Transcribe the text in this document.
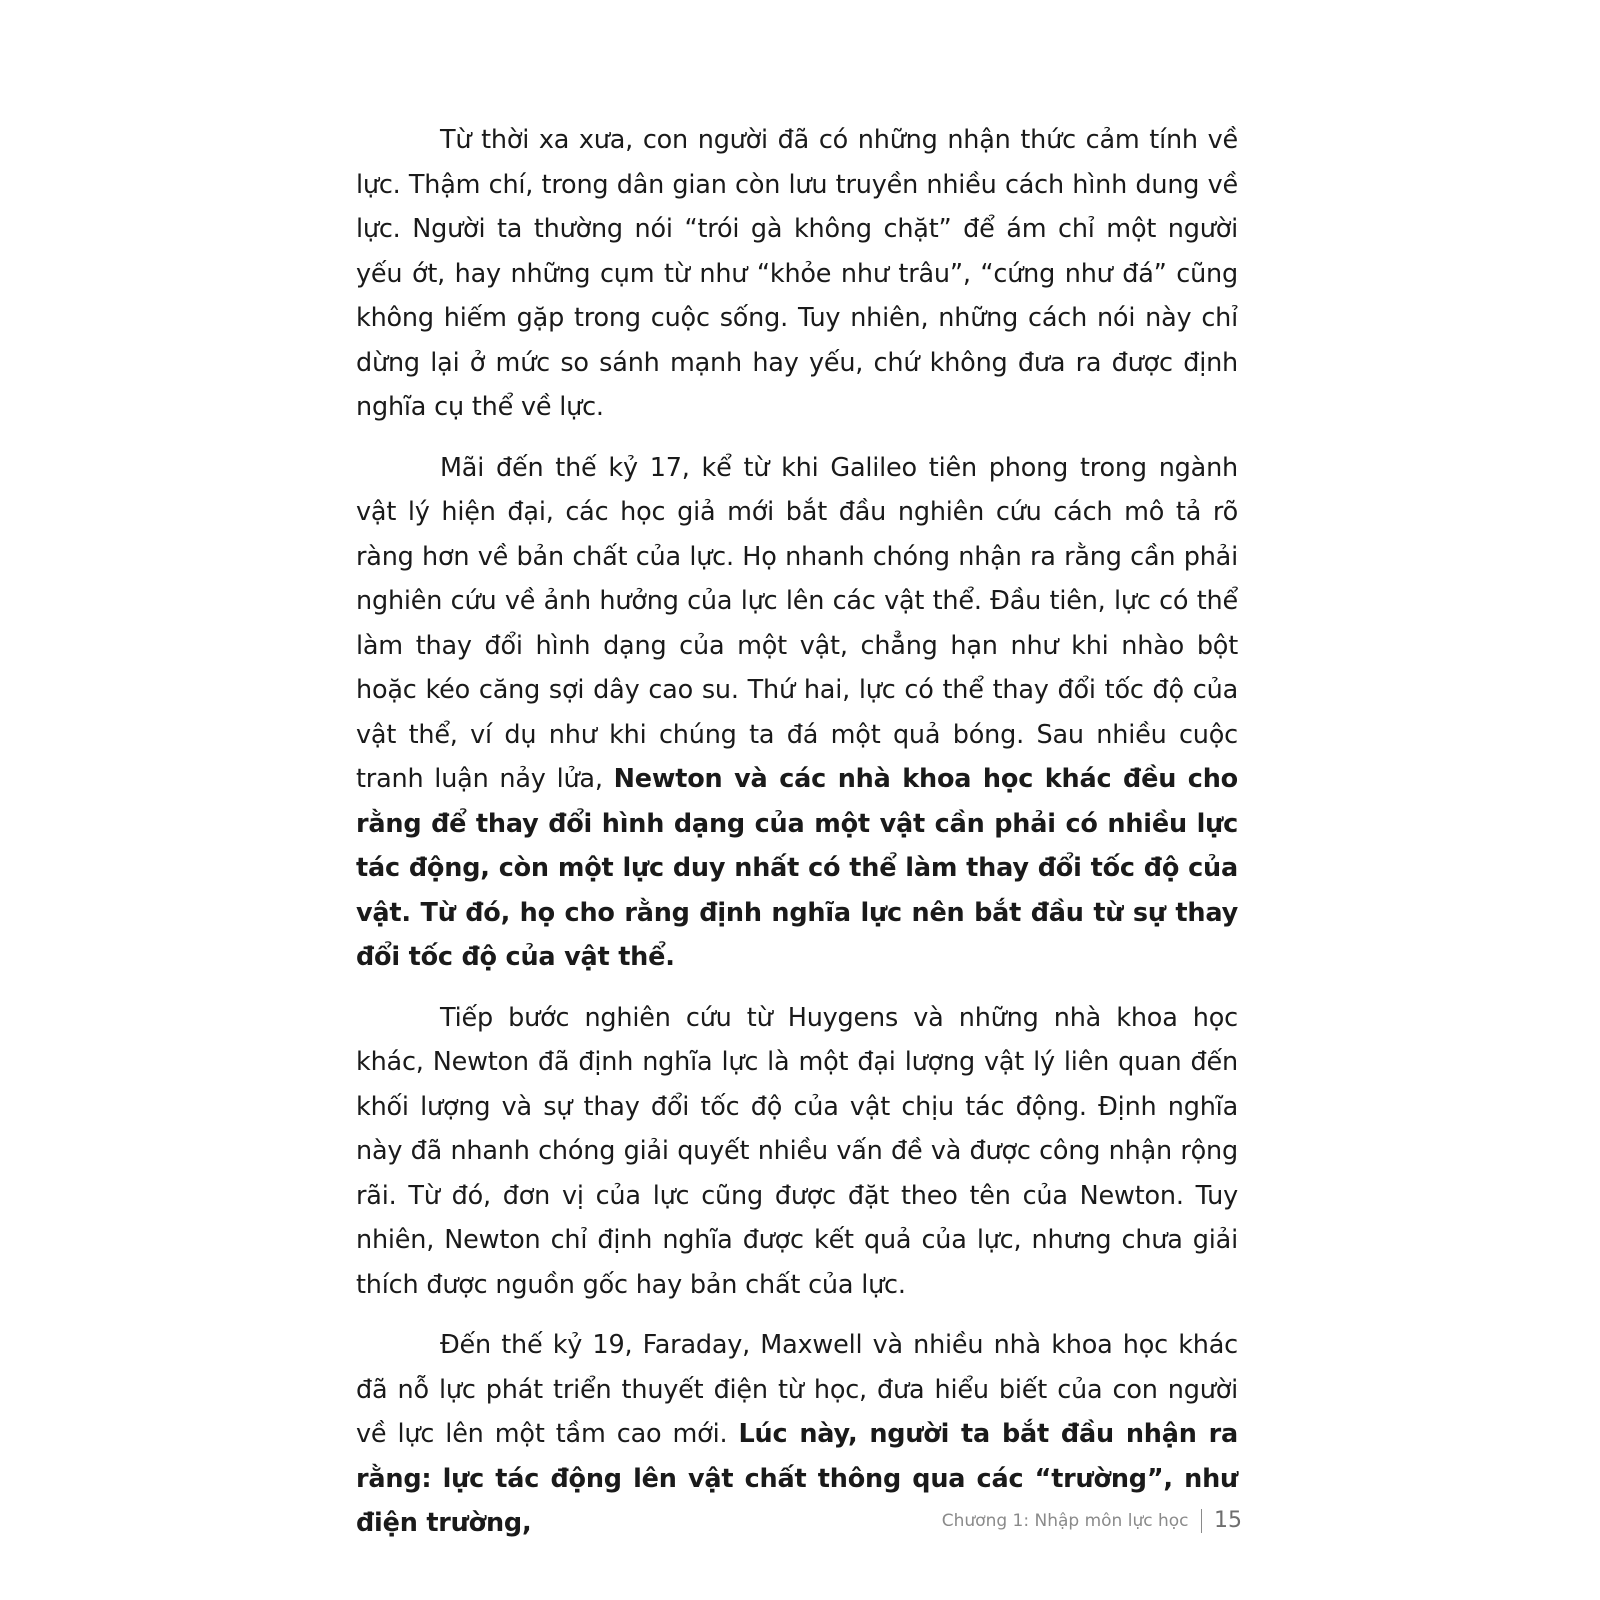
Từ thời xa xưa, con người đã có những nhận thức cảm tính về lực. Thậm chí, trong dân gian còn lưu truyền nhiều cách hình dung về lực. Người ta thường nói “trói gà không chặt” để ám chỉ một người yếu ớt, hay những cụm từ như “khỏe như trâu”, “cứng như đá” cũng không hiếm gặp trong cuộc sống. Tuy nhiên, những cách nói này chỉ dừng lại ở mức so sánh mạnh hay yếu, chứ không đưa ra được định nghĩa cụ thể về lực.

Mãi đến thế kỷ 17, kể từ khi Galileo tiên phong trong ngành vật lý hiện đại, các học giả mới bắt đầu nghiên cứu cách mô tả rõ ràng hơn về bản chất của lực. Họ nhanh chóng nhận ra rằng cần phải nghiên cứu về ảnh hưởng của lực lên các vật thể. Đầu tiên, lực có thể làm thay đổi hình dạng của một vật, chẳng hạn như khi nhào bột hoặc kéo căng sợi dây cao su. Thứ hai, lực có thể thay đổi tốc độ của vật thể, ví dụ như khi chúng ta đá một quả bóng. Sau nhiều cuộc tranh luận nảy lửa, Newton và các nhà khoa học khác đều cho rằng để thay đổi hình dạng của một vật cần phải có nhiều lực tác động, còn một lực duy nhất có thể làm thay đổi tốc độ của vật. Từ đó, họ cho rằng định nghĩa lực nên bắt đầu từ sự thay đổi tốc độ của vật thể.

Tiếp bước nghiên cứu từ Huygens và những nhà khoa học khác, Newton đã định nghĩa lực là một đại lượng vật lý liên quan đến khối lượng và sự thay đổi tốc độ của vật chịu tác động. Định nghĩa này đã nhanh chóng giải quyết nhiều vấn đề và được công nhận rộng rãi. Từ đó, đơn vị của lực cũng được đặt theo tên của Newton. Tuy nhiên, Newton chỉ định nghĩa được kết quả của lực, nhưng chưa giải thích được nguồn gốc hay bản chất của lực.

Đến thế kỷ 19, Faraday, Maxwell và nhiều nhà khoa học khác đã nỗ lực phát triển thuyết điện từ học, đưa hiểu biết của con người về lực lên một tầm cao mới. Lúc này, người ta bắt đầu nhận ra rằng: lực tác động lên vật chất thông qua các “trường”, như điện trường,	Chương 1: Nhập môn lực học 15
